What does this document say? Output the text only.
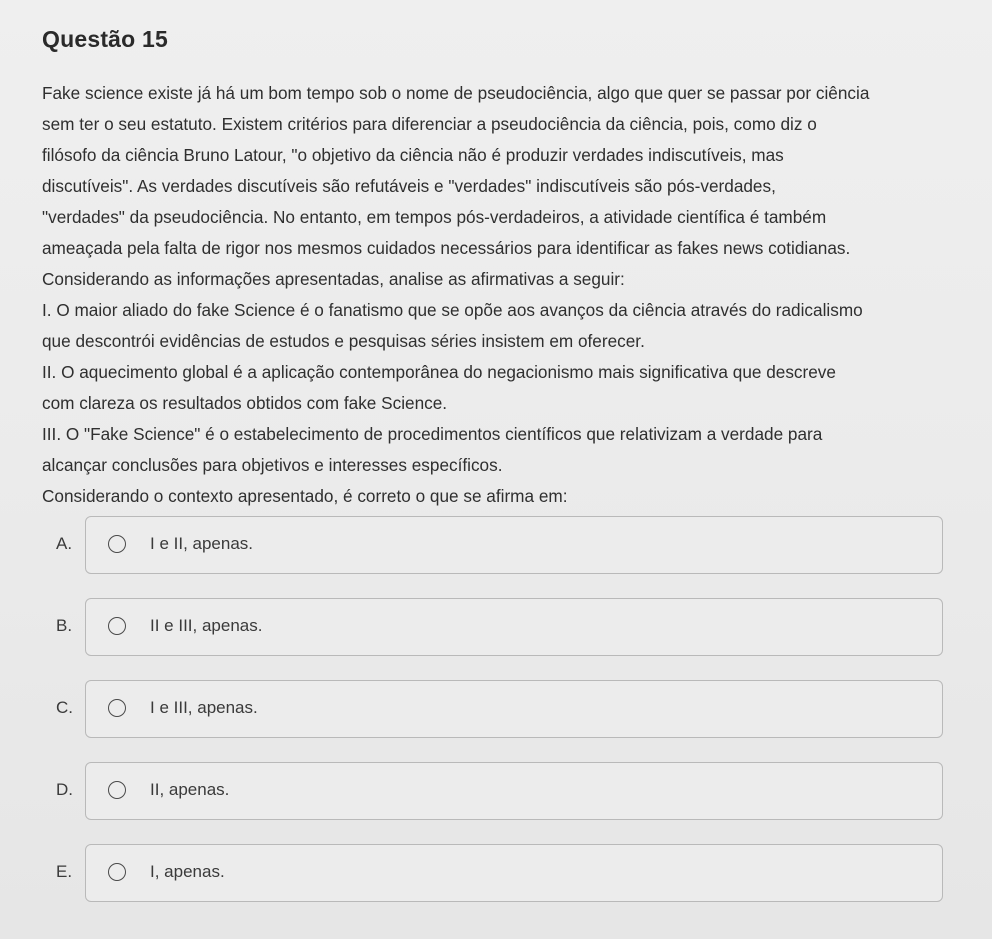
Questão 15

Fake science existe já há um bom tempo sob o nome de pseudociência, algo que quer se passar por ciência

sem ter o seu estatuto. Existem critérios para diferenciar a pseudociência da ciência, pois, como diz o

filósofo da ciência Bruno Latour, "o objetivo da ciência não é produzir verdades indiscutíveis, mas

discutíveis". As verdades discutíveis são refutáveis e "verdades" indiscutíveis são pós-verdades,

"verdades" da pseudociência. No entanto, em tempos pós-verdadeiros, a atividade científica é também

ameaçada pela falta de rigor nos mesmos cuidados necessários para identificar as fakes news cotidianas.

Considerando as informações apresentadas, analise as afirmativas a seguir:

I. O maior aliado do fake Science é o fanatismo que se opõe aos avanços da ciência através do radicalismo

que descontrói evidências de estudos e pesquisas séries insistem em oferecer.

II. O aquecimento global é a aplicação contemporânea do negacionismo mais significativa que descreve

com clareza os resultados obtidos com fake Science.

III. O "Fake Science" é o estabelecimento de procedimentos científicos que relativizam a verdade para

alcançar conclusões para objetivos e interesses específicos.

Considerando o contexto apresentado, é correto o que se afirma em:

A.	I e II, apenas.
B.	II e III, apenas.
C.	I e III, apenas.
D.	II, apenas.
E.	I, apenas.
